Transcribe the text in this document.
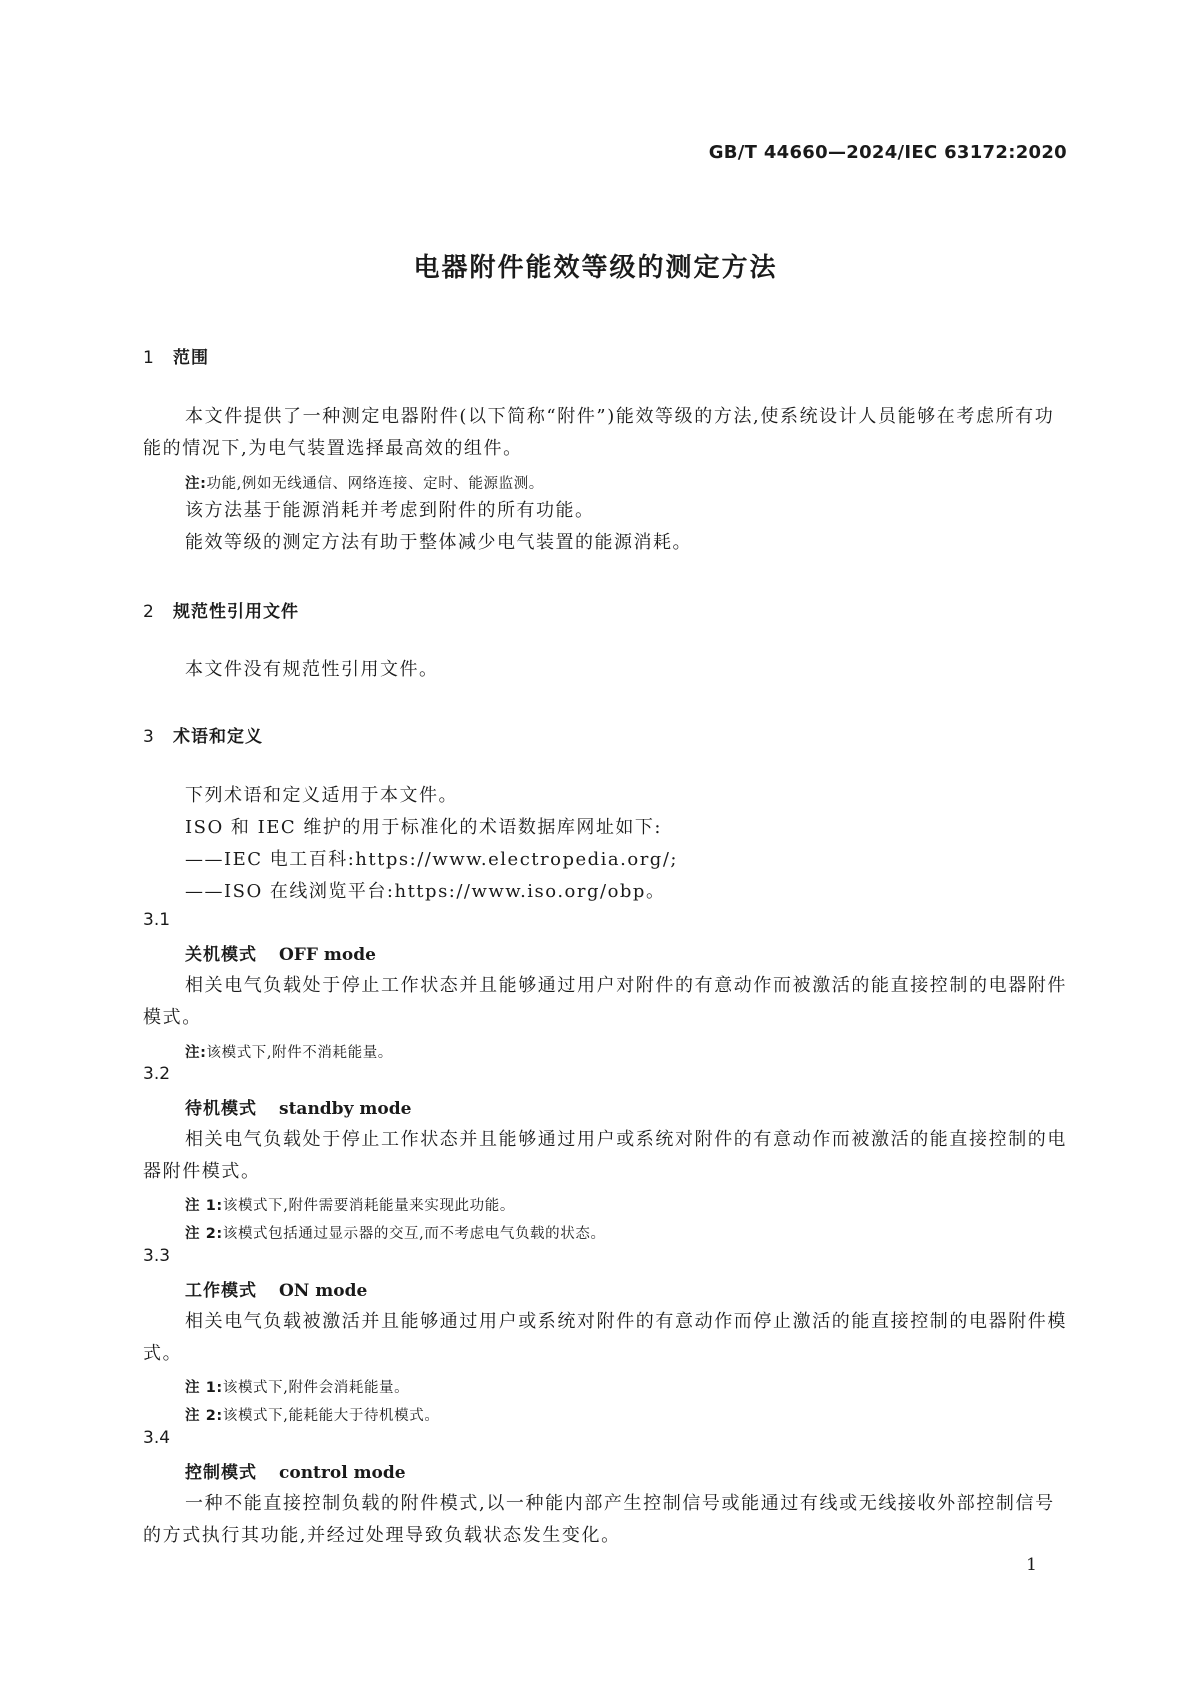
GB/T 44660—2024/IEC 63172:2020
电器附件能效等级的测定方法
1 范围
本文件提供了一种测定电器附件(以下简称“附件”)能效等级的方法,使系统设计人员能够在考虑所有功能的情况下,为电气装置选择最高效的组件。
注:功能,例如无线通信、网络连接、定时、能源监测。
该方法基于能源消耗并考虑到附件的所有功能。
能效等级的测定方法有助于整体减少电气装置的能源消耗。
2 规范性引用文件
本文件没有规范性引用文件。
3 术语和定义
下列术语和定义适用于本文件。
ISO 和 IEC 维护的用于标准化的术语数据库网址如下:
——IEC 电工百科:https://www.electropedia.org/;
——ISO 在线浏览平台:https://www.iso.org/obp。
3.1
关机模式 OFF mode
相关电气负载处于停止工作状态并且能够通过用户对附件的有意动作而被激活的能直接控制的电器附件模式。
注:该模式下,附件不消耗能量。
3.2
待机模式 standby mode
相关电气负载处于停止工作状态并且能够通过用户或系统对附件的有意动作而被激活的能直接控制的电器附件模式。
注 1:该模式下,附件需要消耗能量来实现此功能。
注 2:该模式包括通过显示器的交互,而不考虑电气负载的状态。
3.3
工作模式 ON mode
相关电气负载被激活并且能够通过用户或系统对附件的有意动作而停止激活的能直接控制的电器附件模式。
注 1:该模式下,附件会消耗能量。
注 2:该模式下,能耗能大于待机模式。
3.4
控制模式 control mode
一种不能直接控制负载的附件模式,以一种能内部产生控制信号或能通过有线或无线接收外部控制信号的方式执行其功能,并经过处理导致负载状态发生变化。
1
